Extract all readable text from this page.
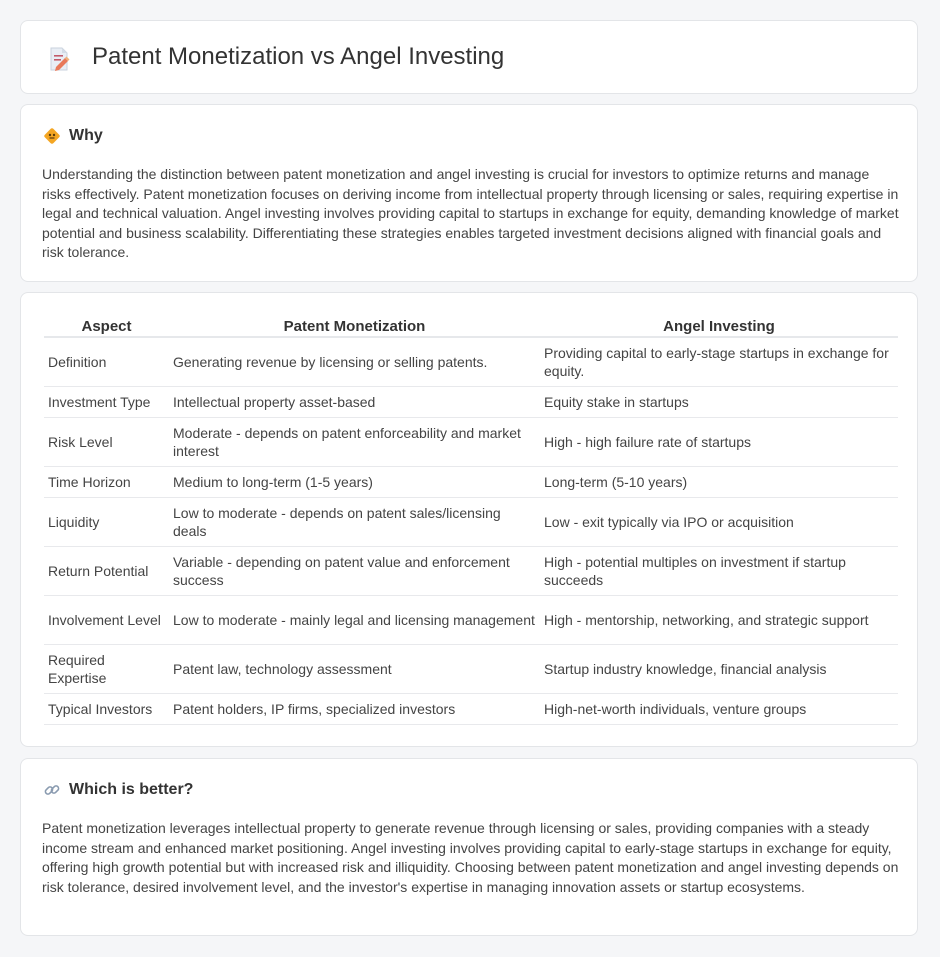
Patent Monetization vs Angel Investing
Why

Understanding the distinction between patent monetization and angel investing is crucial for investors to optimize returns and manage risks effectively. Patent monetization focuses on deriving income from intellectual property through licensing or sales, requiring expertise in legal and technical valuation. Angel investing involves providing capital to startups in exchange for equity, demanding knowledge of market potential and business scalability. Differentiating these strategies enables targeted investment decisions aligned with financial goals and risk tolerance.

Aspect	Patent Monetization	Angel Investing
Definition	Generating revenue by licensing or selling patents.	Providing capital to early-stage startups in exchange for equity.
Investment Type	Intellectual property asset-based	Equity stake in startups
Risk Level	Moderate - depends on patent enforceability and market interest	High - high failure rate of startups
Time Horizon	Medium to long-term (1-5 years)	Long-term (5-10 years)
Liquidity	Low to moderate - depends on patent sales/licensing deals	Low - exit typically via IPO or acquisition
Return Potential	Variable - depending on patent value and enforcement success	High - potential multiples on investment if startup succeeds
Involvement Level	Low to moderate - mainly legal and licensing management	High - mentorship, networking, and strategic support
Required Expertise	Patent law, technology assessment	Startup industry knowledge, financial analysis
Typical Investors	Patent holders, IP firms, specialized investors	High-net-worth individuals, venture groups
Which is better?

Patent monetization leverages intellectual property to generate revenue through licensing or sales, providing companies with a steady income stream and enhanced market positioning. Angel investing involves providing capital to early-stage startups in exchange for equity, offering high growth potential but with increased risk and illiquidity. Choosing between patent monetization and angel investing depends on risk tolerance, desired involvement level, and the investor's expertise in managing innovation assets or startup ecosystems.
